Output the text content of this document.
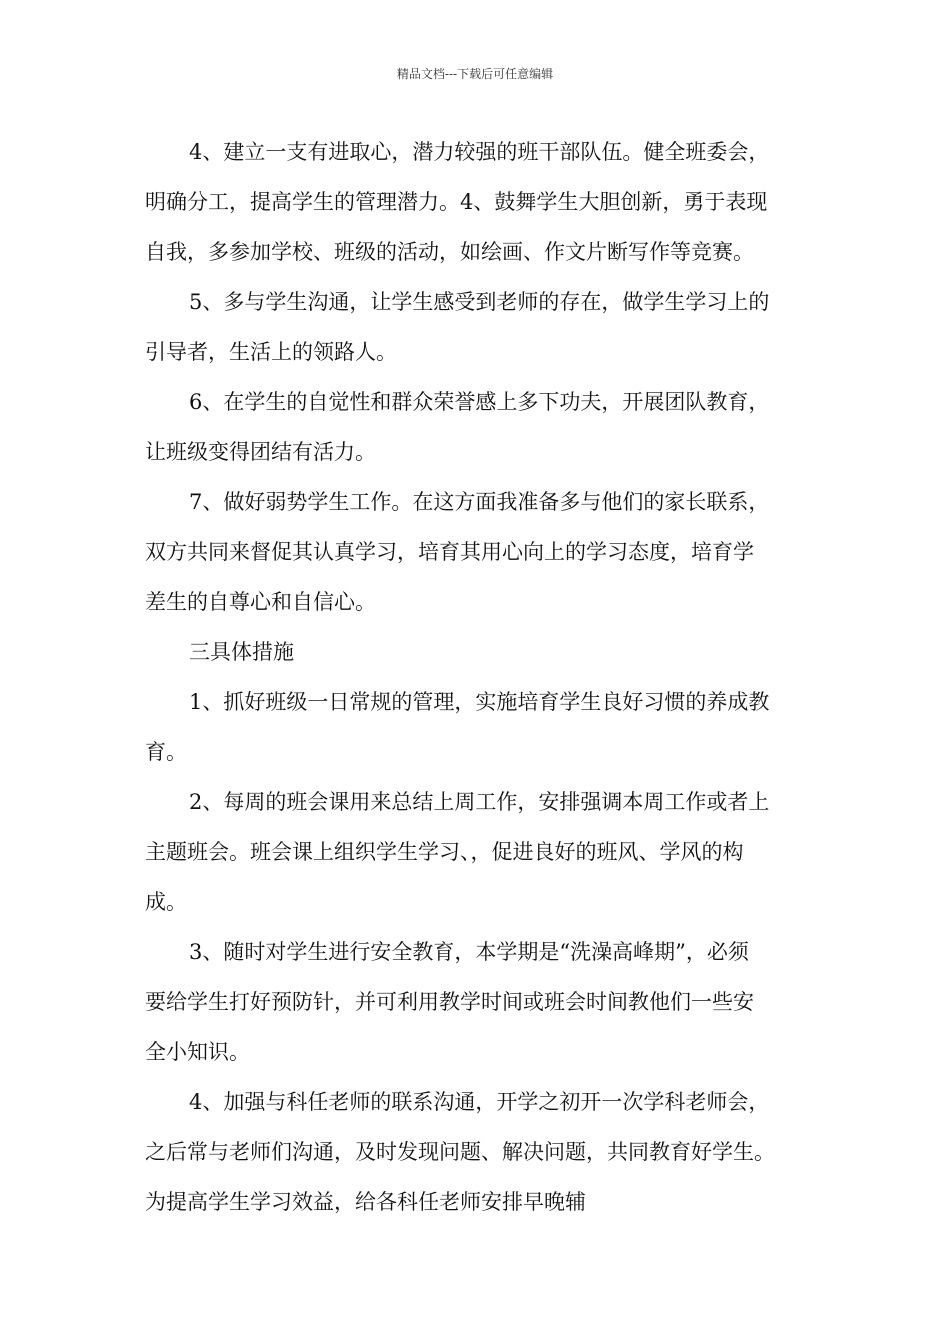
精品文档---下载后可任意编辑

4、建立一支有进取心，潜力较强的班干部队伍。健全班委会，
明确分工，提高学生的管理潜力。4、鼓舞学生大胆创新，勇于表现
自我，多参加学校、班级的活动，如绘画、作文片断写作等竞赛。

5、多与学生沟通，让学生感受到老师的存在，做学生学习上的
引导者，生活上的领路人。

6、在学生的自觉性和群众荣誉感上多下功夫，开展团队教育，
让班级变得团结有活力。

7、做好弱势学生工作。在这方面我准备多与他们的家长联系，
双方共同来督促其认真学习，培育其用心向上的学习态度，培育学
差生的自尊心和自信心。

三具体措施

1、抓好班级一日常规的管理，实施培育学生良好习惯的养成教
育。

2、每周的班会课用来总结上周工作，安排强调本周工作或者上
主题班会。班会课上组织学生学习、，促进良好的班风、学风的构
成。

3、随时对学生进行安全教育，本学期是“洗澡高峰期”，必须
要给学生打好预防针，并可利用教学时间或班会时间教他们一些安
全小知识。

4、加强与科任老师的联系沟通，开学之初开一次学科老师会，
之后常与老师们沟通，及时发现问题、解决问题，共同教育好学生。
为提高学生学习效益，给各科任老师安排早晚辅
